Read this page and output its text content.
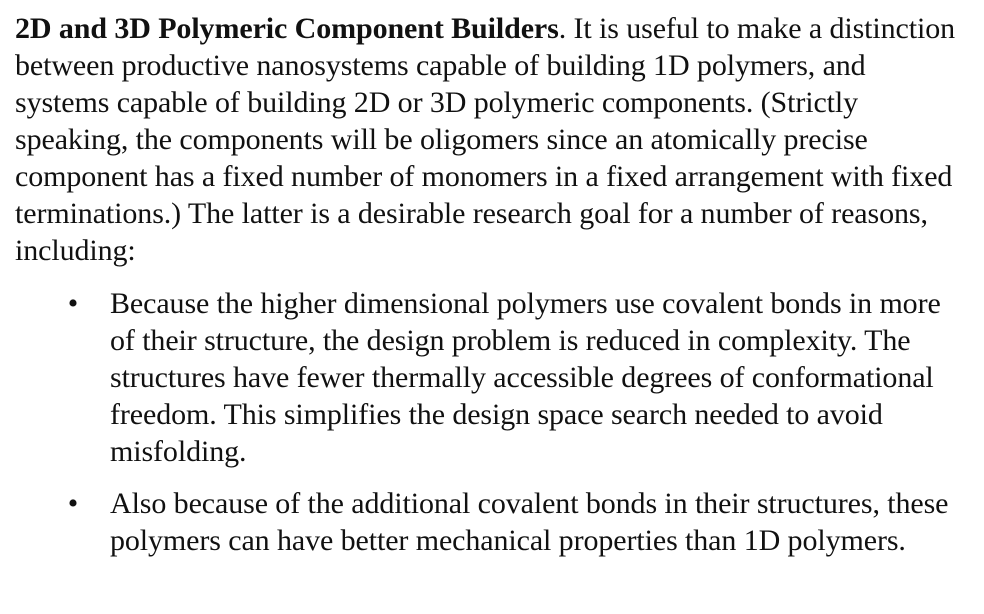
2D and 3D Polymeric Component Builders. It is useful to make a distinction between productive nanosystems capable of building 1D polymers, and systems capable of building 2D or 3D polymeric components. (Strictly speaking, the components will be oligomers since an atomically precise component has a fixed number of monomers in a fixed arrangement with fixed terminations.) The latter is a desirable research goal for a number of reasons, including:

• Because the higher dimensional polymers use covalent bonds in more of their structure, the design problem is reduced in complexity. The structures have fewer thermally accessible degrees of conformational freedom. This simplifies the design space search needed to avoid misfolding.
• Also because of the additional covalent bonds in their structures, these polymers can have better mechanical properties than 1D polymers.
